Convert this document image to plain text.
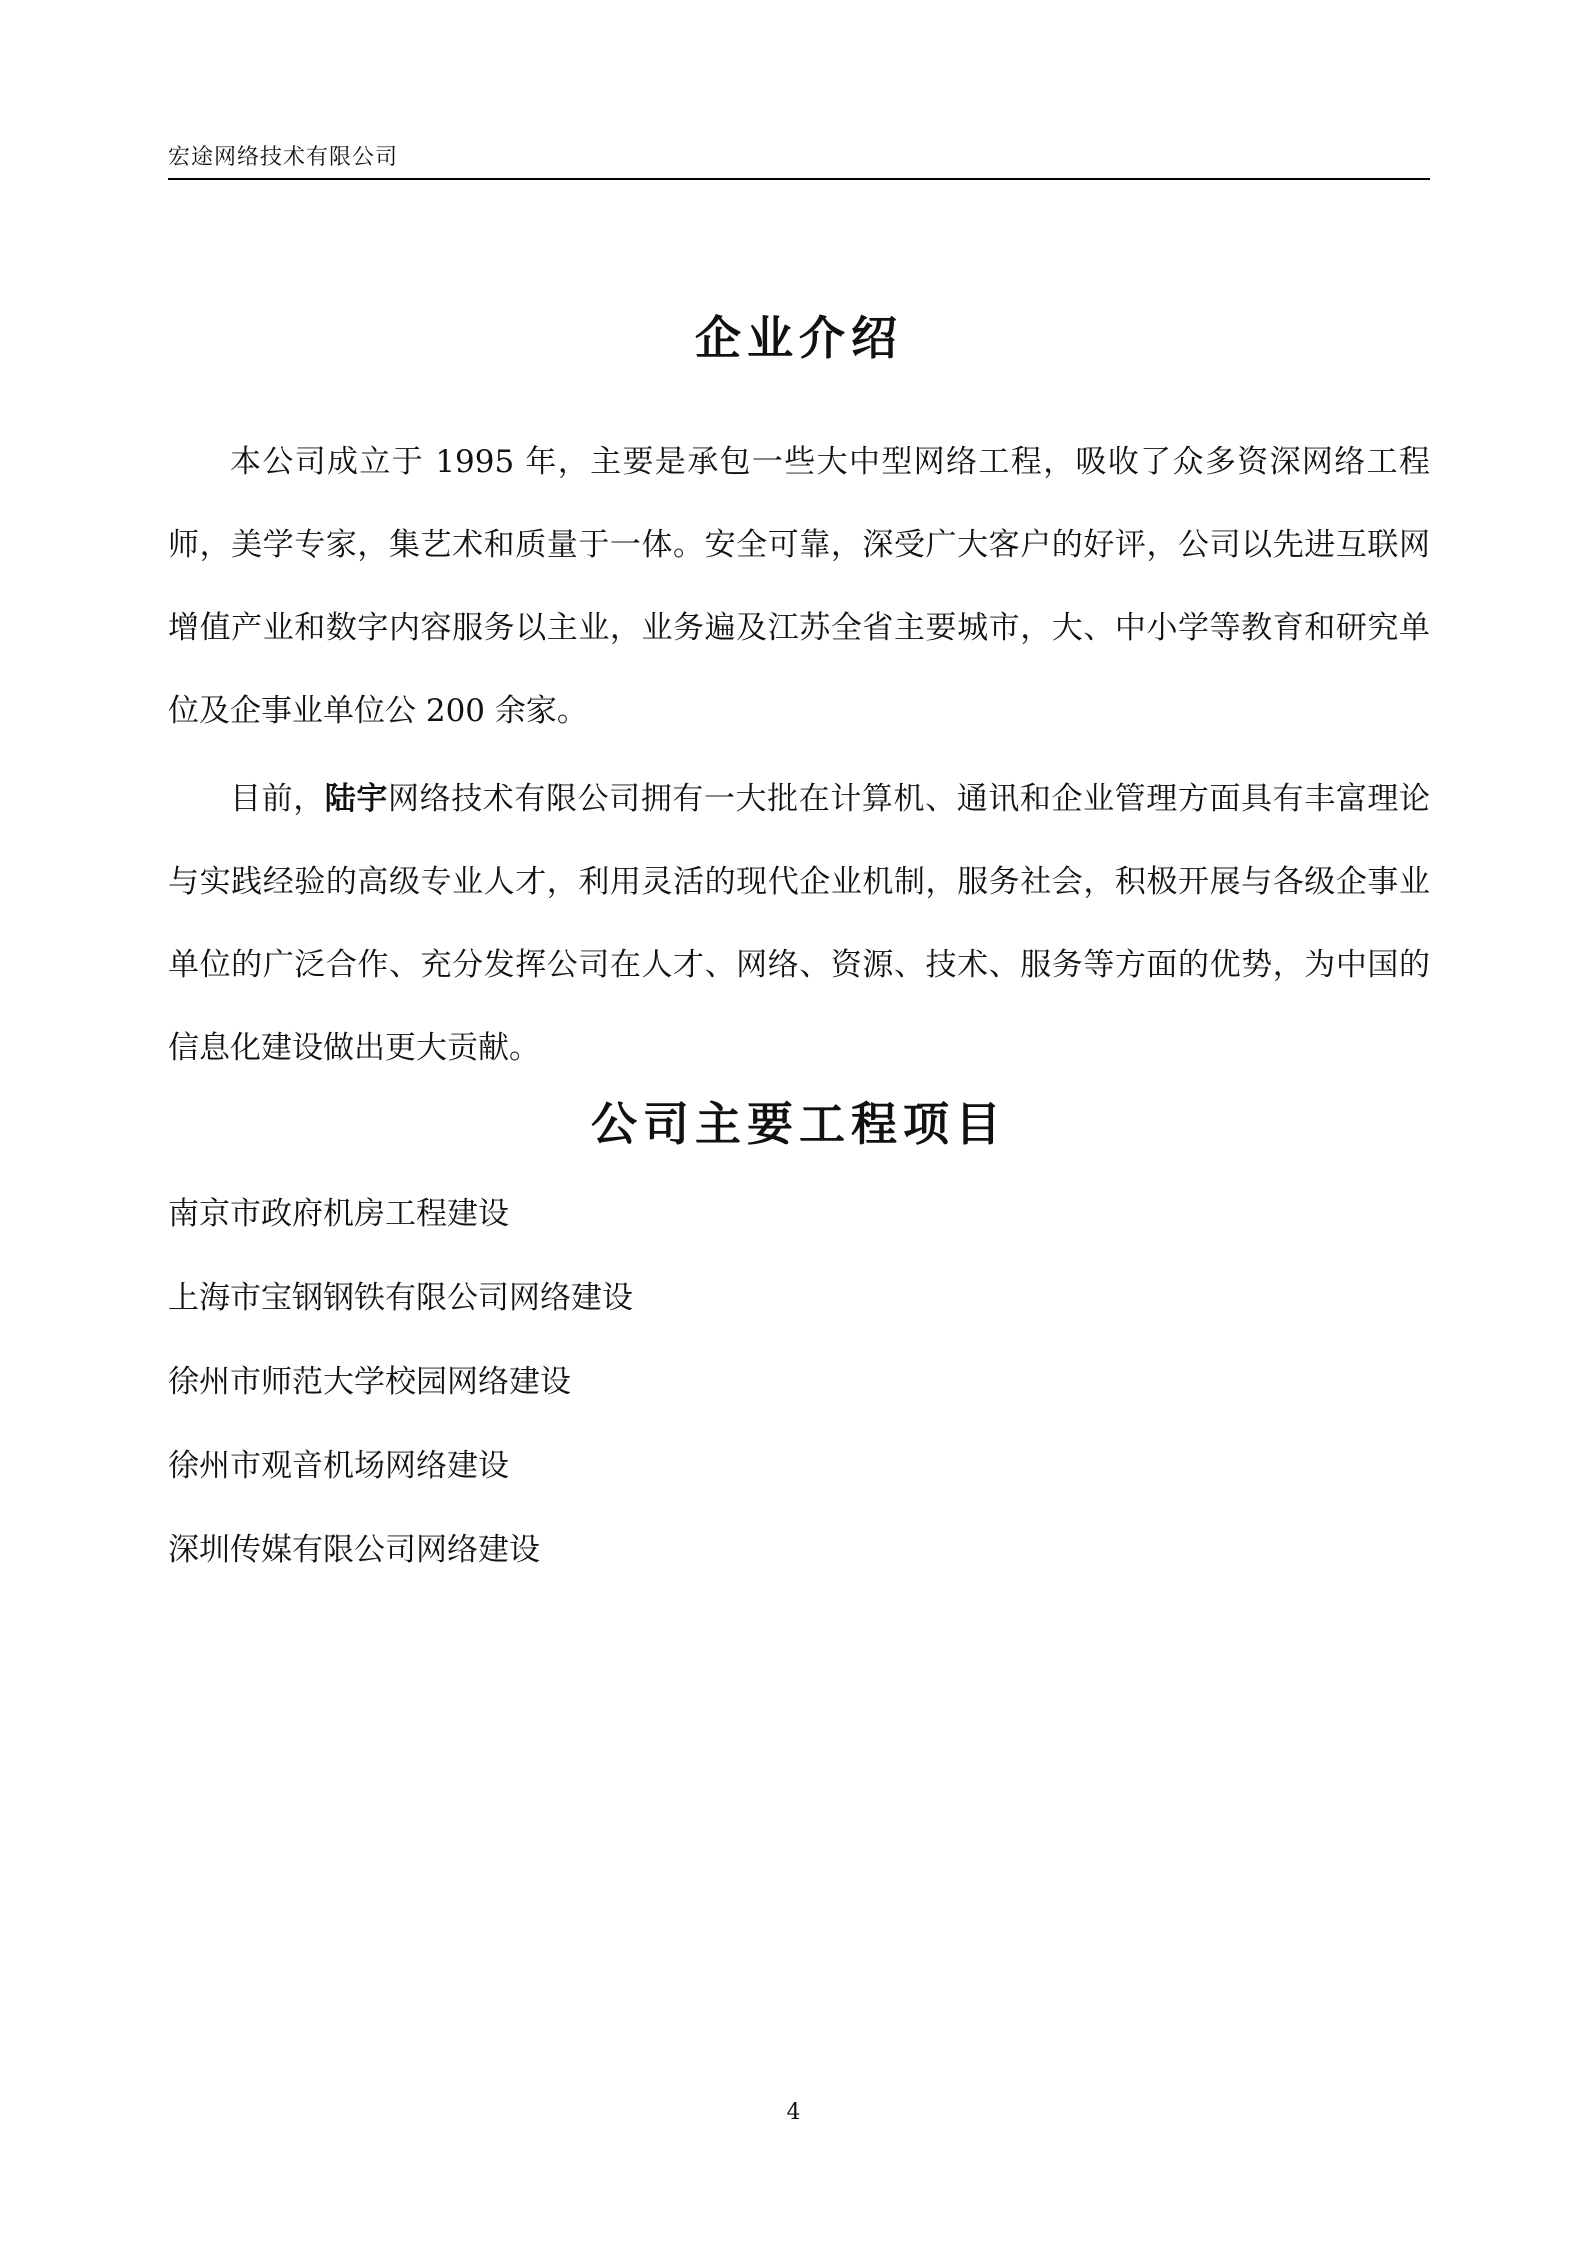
宏途网络技术有限公司
企业介绍

本公司成立于 1995 年，主要是承包一些大中型网络工程，吸收了众多资深网络工程师，美学专家，集艺术和质量于一体。安全可靠，深受广大客户的好评，公司以先进互联网增值产业和数字内容服务以主业，业务遍及江苏全省主要城市，大、中小学等教育和研究单位及企事业单位公 200 余家。

目前，陆宇网络技术有限公司拥有一大批在计算机、通讯和企业管理方面具有丰富理论与实践经验的高级专业人才，利用灵活的现代企业机制，服务社会，积极开展与各级企事业单位的广泛合作、充分发挥公司在人才、网络、资源、技术、服务等方面的优势，为中国的信息化建设做出更大贡献。

公司主要工程项目
南京市政府机房工程建设
上海市宝钢钢铁有限公司网络建设
徐州市师范大学校园网络建设
徐州市观音机场网络建设
深圳传媒有限公司网络建设
4
